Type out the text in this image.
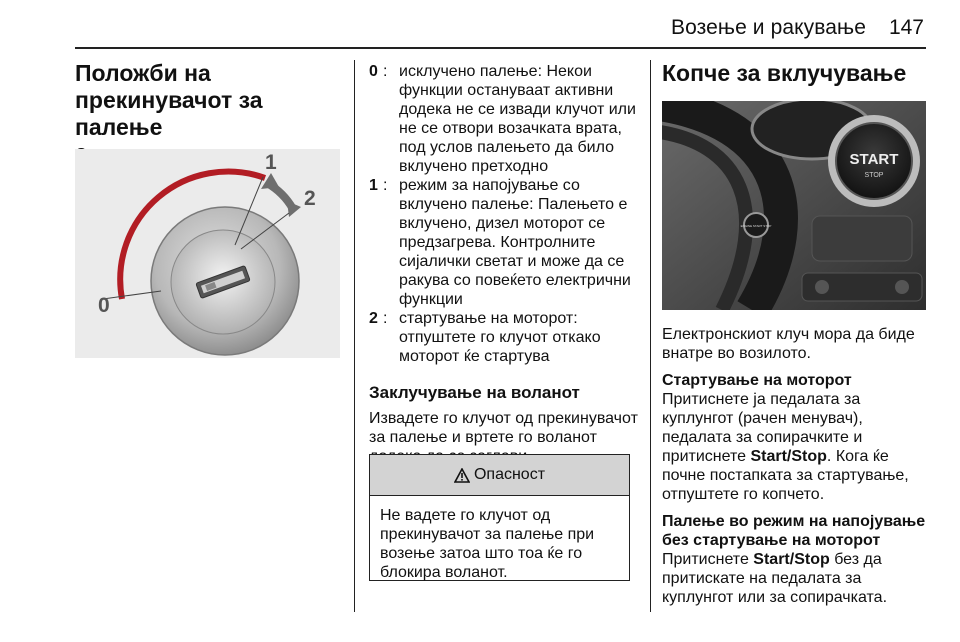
Возење и ракување	147
Положби на прекинувачот за палење
0
1
2
0 : исклучено палење: Некои функции остануваат активни додека не се извади клучот или не се отвори возачката врата, под услов палењето да било вклучено претходно
1 : режим за напојување со вклучено палење: Палењето е вклучено, дизел моторот се предзагрева. Контролните сијалички светат и може да се ракува со повеќето електрични функции
2 : стартување на моторот: отпуштете го клучот откако моторот ќе стартува
Заклучување на воланот
Извадете го клучот од прекинувачот за палење и вртете го воланот
Опасност
Не вадете го клучот од прекинувачот за палење при возење затоа што тоа ќе го блокира воланот.
Копче за вклучување
START
STOP
ENGINE START STOP
Електронскиот клуч мора да биде внатре во возилото.
Стартување на моторот
Притиснете ја педалата за куплунгот (рачен менувач), педалата за сопирачките и притиснете Start/Stop. Кога ќе почне постапката за стартување, отпуштете го копчето.
Палење во режим на напојување без стартување на моторот
Притиснете Start/Stop без да притискате на педалата за куплунгот или за сопирачката.
